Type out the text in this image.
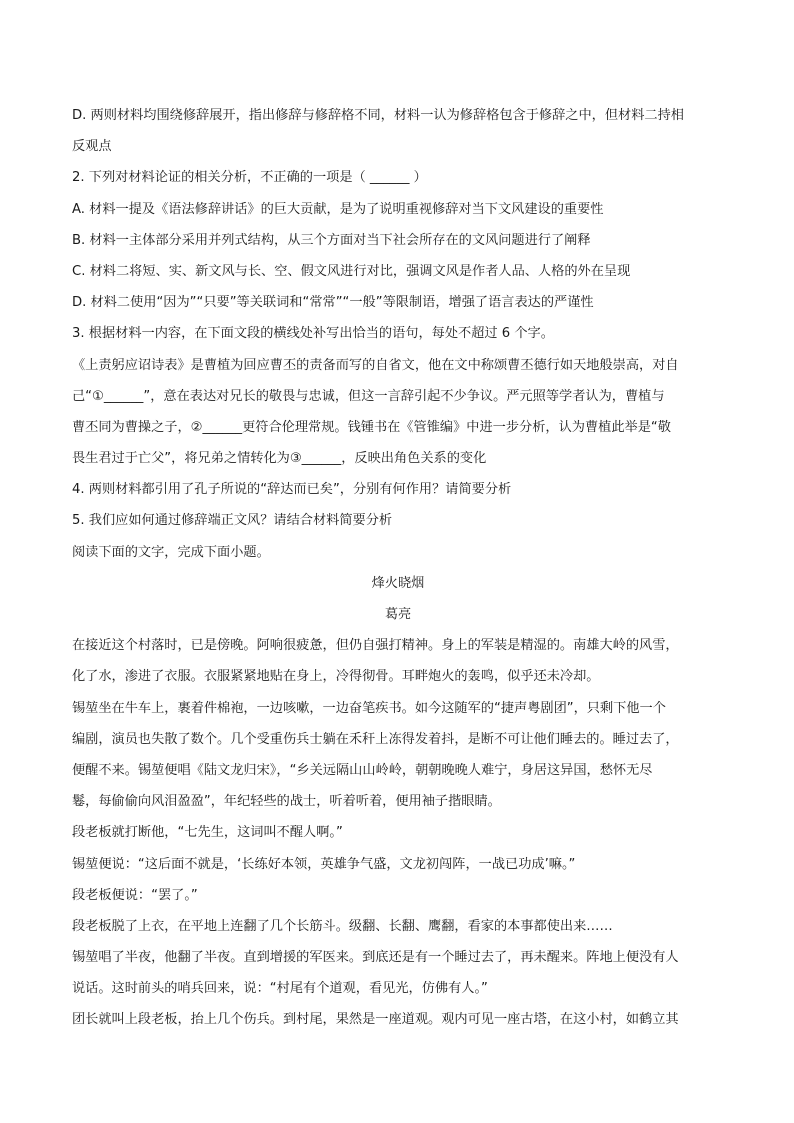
D. 两则材料均围绕修辞展开，指出修辞与修辞格不同，材料一认为修辞格包含于修辞之中，但材料二持相
反观点
2. 下列对材料论证的相关分析，不正确的一项是（ ______ ）
A. 材料一提及《语法修辞讲话》的巨大贡献，是为了说明重视修辞对当下文风建设的重要性
B. 材料一主体部分采用并列式结构，从三个方面对当下社会所存在的文风问题进行了阐释
C. 材料二将短、实、新文风与长、空、假文风进行对比，强调文风是作者人品、人格的外在呈现
D. 材料二使用“因为”“只要”等关联词和“常常”“一般”等限制语，增强了语言表达的严谨性
3. 根据材料一内容，在下面文段的横线处补写出恰当的语句，每处不超过 6 个字。
《上责躬应诏诗表》是曹植为回应曹丕的责备而写的自省文，他在文中称颂曹丕德行如天地般崇高，对自
己“①______”，意在表达对兄长的敬畏与忠诚，但这一言辞引起不少争议。严元照等学者认为，曹植与
曹丕同为曹操之子，②______更符合伦理常规。钱锺书在《管锥编》中进一步分析，认为曹植此举是“敬
畏生君过于亡父”，将兄弟之情转化为③______，反映出角色关系的变化
4. 两则材料都引用了孔子所说的“辞达而已矣”，分别有何作用？请简要分析
5. 我们应如何通过修辞端正文风？请结合材料简要分析
阅读下面的文字，完成下面小题。
烽火晓烟
葛亮
在接近这个村落时，已是傍晚。阿响很疲惫，但仍自强打精神。身上的军装是精湿的。南雄大岭的风雪，
化了水，渗进了衣服。衣服紧紧地贴在身上，冷得彻骨。耳畔炮火的轰鸣，似乎还未冷却。
锡堃坐在牛车上，裹着件棉袍，一边咳嗽，一边奋笔疾书。如今这随军的“捷声粤剧团”，只剩下他一个
编剧，演员也失散了数个。几个受重伤兵士躺在禾秆上冻得发着抖，是断不可让他们睡去的。睡过去了，
便醒不来。锡堃便唱《陆文龙归宋》，“乡关远隔山山岭岭，朝朝晚晚人难宁，身居这异国，愁怀无尽
鬈，每偷偷向风泪盈盈”，年纪轻些的战士，听着听着，便用袖子揩眼睛。
段老板就打断他，“七先生，这词叫不醒人啊。”
锡堃便说：“这后面不就是，‘长练好本领，英雄争气盛，文龙初闯阵，一战已功成’嘛。”
段老板便说：“罢了。”
段老板脱了上衣，在平地上连翻了几个长筋斗。级翻、长翻、鹰翻，看家的本事都使出来……
锡堃唱了半夜，他翻了半夜。直到增援的军医来。到底还是有一个睡过去了，再未醒来。阵地上便没有人
说话。这时前头的哨兵回来，说：“村尾有个道观，看见光，仿佛有人。”
团长就叫上段老板，抬上几个伤兵。到村尾，果然是一座道观。观内可见一座古塔，在这小村，如鹤立其
